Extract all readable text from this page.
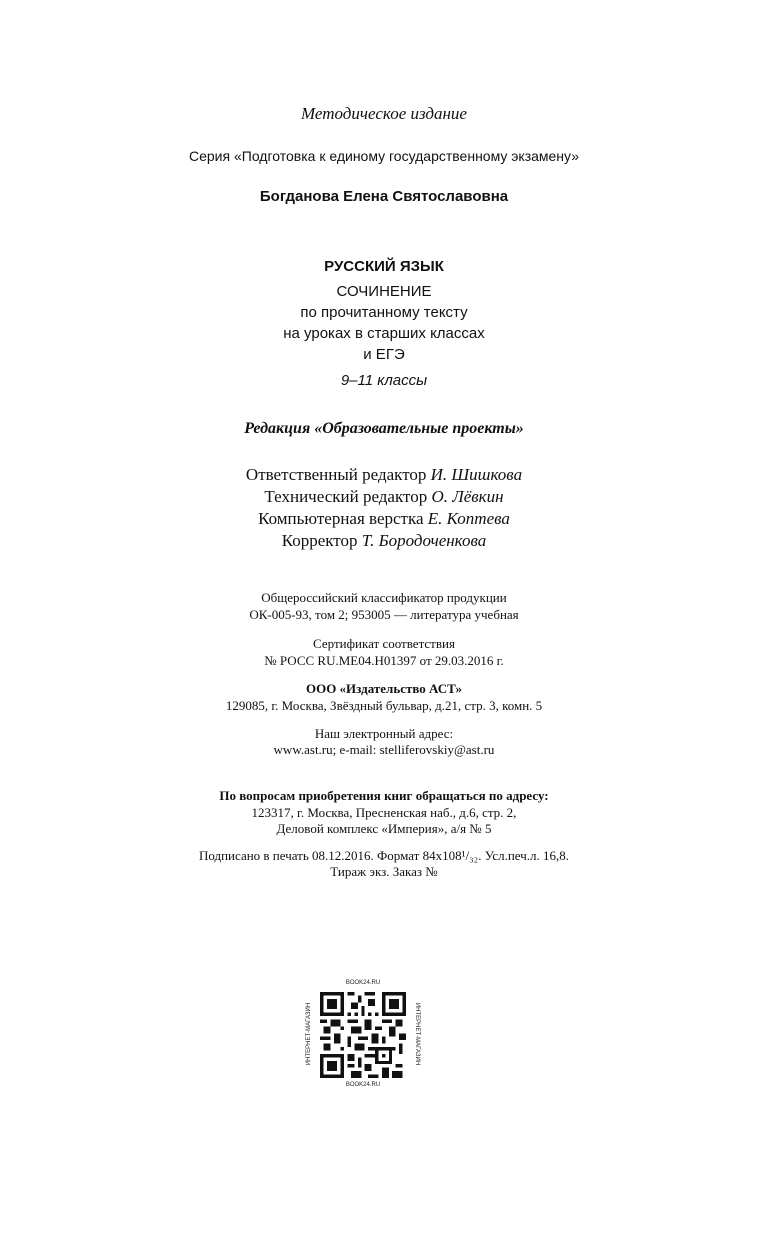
Методическое издание
Серия «Подготовка к единому государственному экзамену»
Богданова Елена Святославовна
РУССКИЙ ЯЗЫК
СОЧИНЕНИЕ
по прочитанному тексту
на уроках в старших классах
и ЕГЭ
9–11 классы
Редакция «Образовательные проекты»
Ответственный редактор И. Шишкова
Технический редактор О. Лёвкин
Компьютерная верстка Е. Коптева
Корректор Т. Бородоченкова
Общероссийский классификатор продукции
ОК-005-93, том 2; 953005 — литература учебная
Сертификат соответствия
№ РОСС RU.МЕ04.Н01397 от 29.03.2016 г.
ООО «Издательство АСТ»
129085, г. Москва, Звёздный бульвар, д.21, стр. 3, комн. 5
Наш электронный адрес:
www.ast.ru; e-mail: stelliferovskiy@ast.ru
По вопросам приобретения книг обращаться по адресу:
123317, г. Москва, Пресненская наб., д.6, стр. 2,
Деловой комплекс «Империя», а/я № 5
Подписано в печать 08.12.2016. Формат 84x108¹/₃₂. Усл.печ.л. 16,8.
Тираж экз. Заказ №
BOOK24.RU
ИНТЕРНЕТ-МАГАЗИН	ИНТЕРНЕТ-МАГАЗИН
BOOK24.RU
